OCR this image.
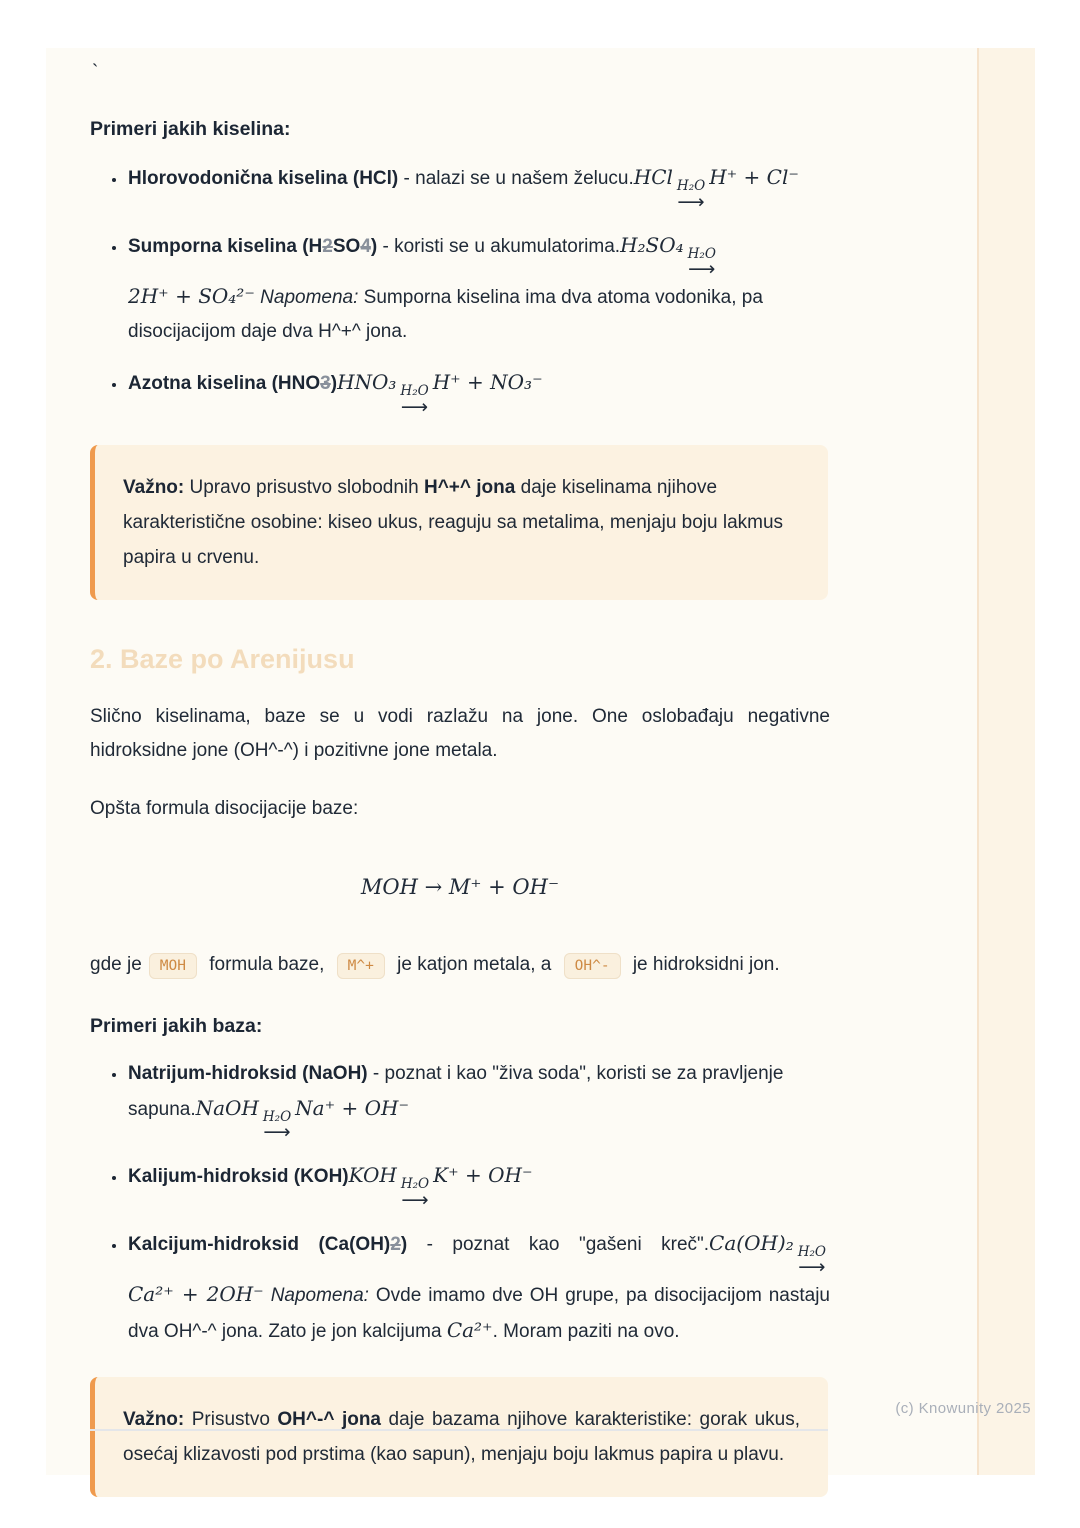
`
Primeri jakih kiselina:
• Hlorovodonična kiselina (HCl) - nalazi se u našem želucu.HCl H₂O
⟶
H⁺ + Cl⁻
• Sumporna kiselina (H2SO4) - koristi se u akumulatorima.H₂SO₄ H₂O
⟶
2H⁺ + SO₄²⁻ Napomena: Sumporna kiselina ima dva atoma vodonika, pa disocijacijom daje dva H^+^ jona.
• Azotna kiselina (HNO3)HNO₃ H₂O
⟶
H⁺ + NO₃⁻

Važno: Upravo prisustvo slobodnih H^+^ jona daje kiselinama njihove karakteristične osobine: kiseo ukus, reaguju sa metalima, menjaju boju lakmus papira u crvenu.

2. Baze po Arenijusu

Slično kiselinama, baze se u vodi razlažu na jone. One oslobađaju negativne hidroksidne jone (OH^-^) i pozitivne jone metala.

Opšta formula disocijacije baze:

MOH → M⁺ + OH⁻

gde je MOH formula baze, M^+ je katjon metala, a OH^- je hidroksidni jon.

Primeri jakih baza:
• Natrijum-hidroksid (NaOH) - poznat i kao "živa soda", koristi se za pravljenje sapuna.NaOH H₂O
⟶
Na⁺ + OH⁻
• Kalijum-hidroksid (KOH)KOH H₂O
⟶
K⁺ + OH⁻
• Kalcijum-hidroksid (Ca(OH)2) - poznat kao "gašeni kreč".Ca(OH)₂ H₂O
⟶
Ca²⁺ + 2OH⁻ Napomena: Ovde imamo dve OH grupe, pa disocijacijom nastaju dva OH^-^ jona. Zato je jon kalcijuma Ca²⁺. Moram paziti na ovo.

Važno: Prisustvo OH^-^ jona daje bazama njihove karakteristike: gorak ukus, osećaj klizavosti pod prstima (kao sapun), menjaju boju lakmus papira u plavu.

(c) Knowunity 2025
